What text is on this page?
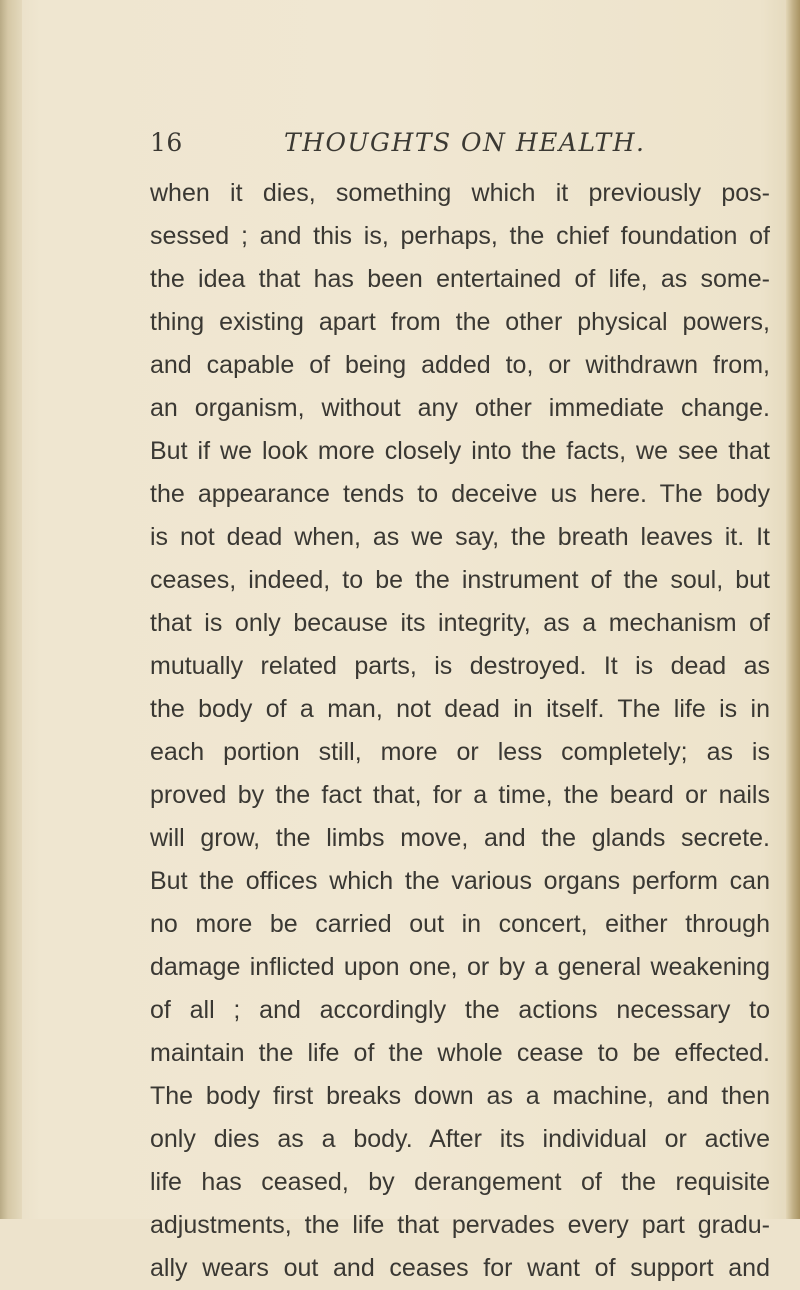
16	THOUGHTS ON HEALTH.
when it dies, something which it previously pos-
sessed ; and this is, perhaps, the chief foundation of
the idea that has been entertained of life, as some-
thing existing apart from the other physical powers,
and capable of being added to, or withdrawn from,
an organism, without any other immediate change.
But if we look more closely into the facts, we see that
the appearance tends to deceive us here. The body
is not dead when, as we say, the breath leaves it. It
ceases, indeed, to be the instrument of the soul, but
that is only because its integrity, as a mechanism of
mutually related parts, is destroyed. It is dead as
the body of a man, not dead in itself. The life is in
each portion still, more or less completely; as is
proved by the fact that, for a time, the beard or nails
will grow, the limbs move, and the glands secrete.
But the offices which the various organs perform can
no more be carried out in concert, either through
damage inflicted upon one, or by a general weakening
of all ; and accordingly the actions necessary to
maintain the life of the whole cease to be effected.
The body first breaks down as a machine, and then
only dies as a body. After its individual or active
life has ceased, by derangement of the requisite
adjustments, the life that pervades every part gradu-
ally wears out and ceases for want of support and
